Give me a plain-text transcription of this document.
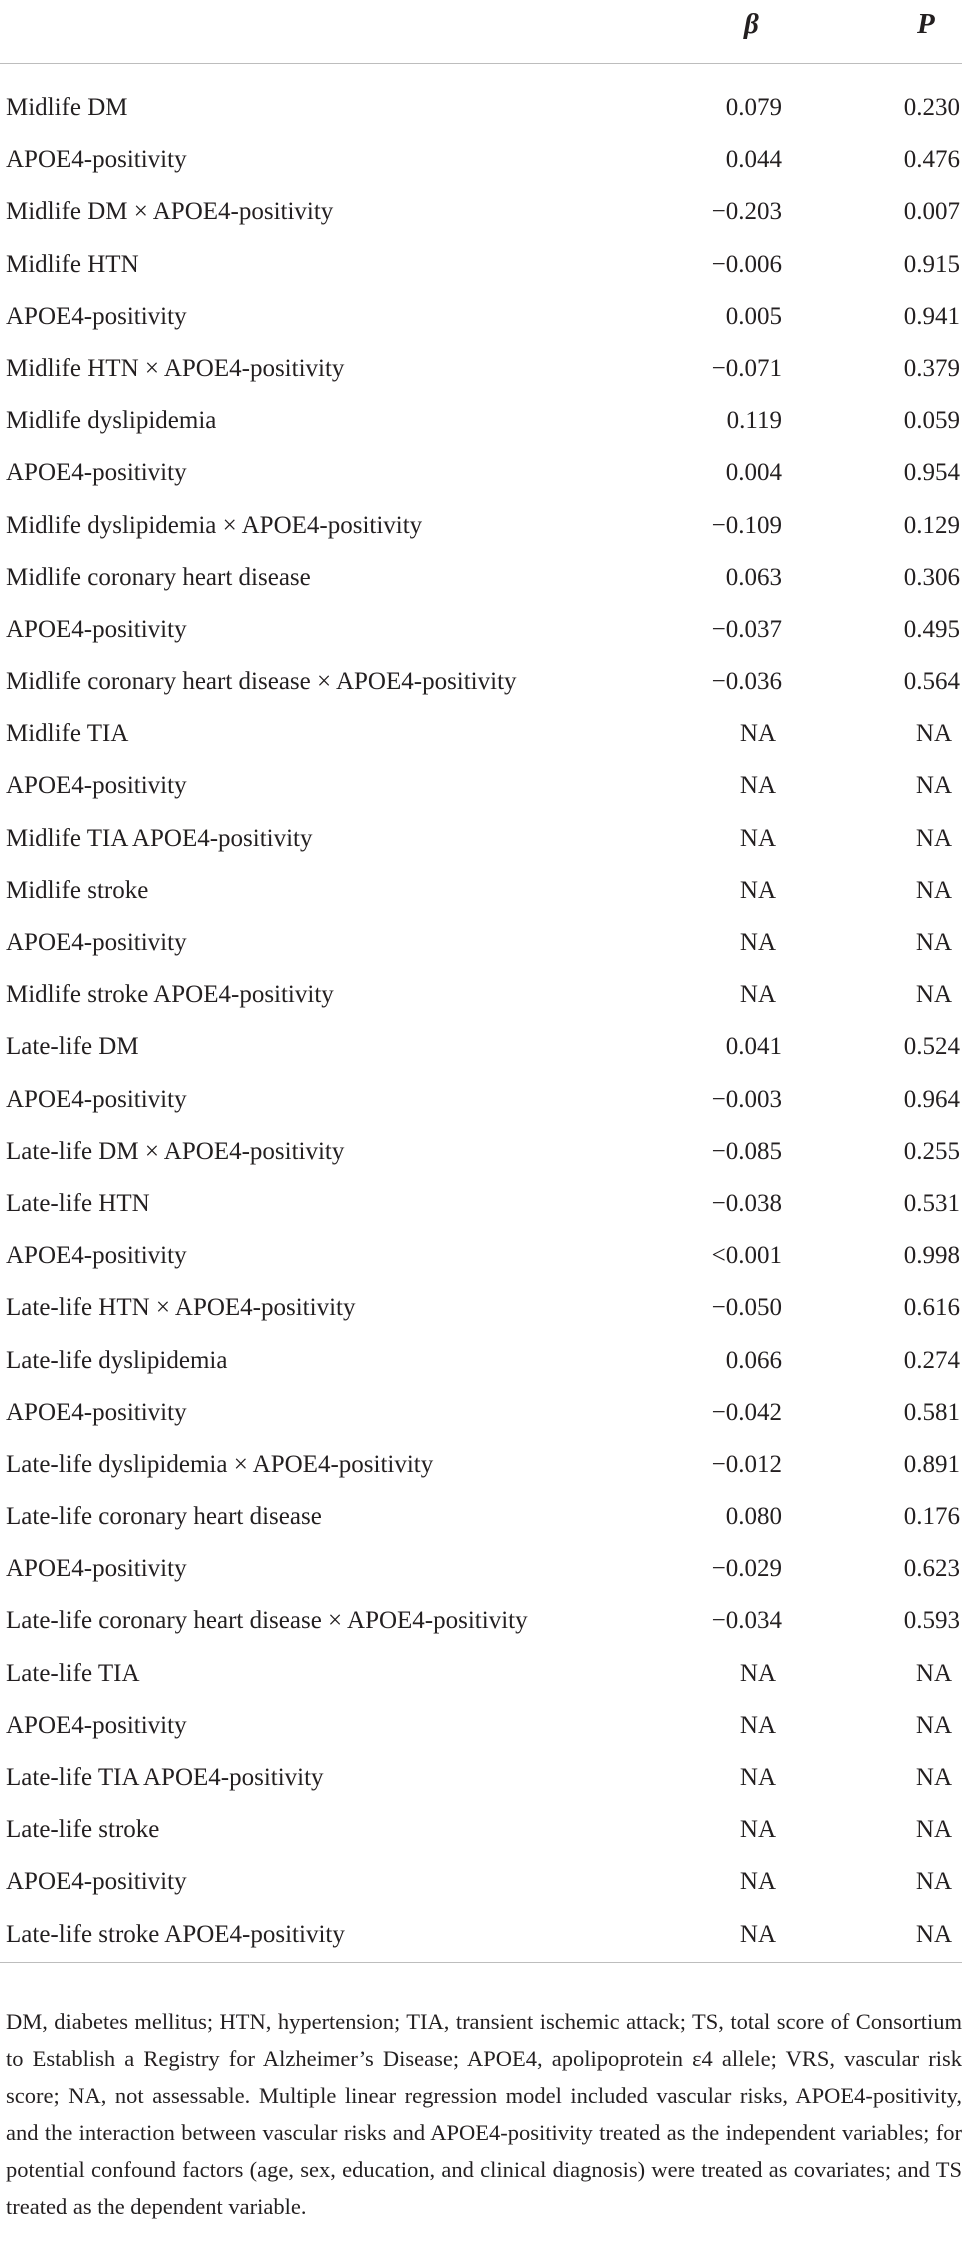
β	P
Midlife DM	0.079	0.230
APOE4-positivity	0.044	0.476
Midlife DM × APOE4-positivity	−0.203	0.007
Midlife HTN	−0.006	0.915
APOE4-positivity	0.005	0.941
Midlife HTN × APOE4-positivity	−0.071	0.379
Midlife dyslipidemia	0.119	0.059
APOE4-positivity	0.004	0.954
Midlife dyslipidemia × APOE4-positivity	−0.109	0.129
Midlife coronary heart disease	0.063	0.306
APOE4-positivity	−0.037	0.495
Midlife coronary heart disease × APOE4-positivity	−0.036	0.564
Midlife TIA	NA	NA
APOE4-positivity	NA	NA
Midlife TIA APOE4-positivity	NA	NA
Midlife stroke	NA	NA
APOE4-positivity	NA	NA
Midlife stroke APOE4-positivity	NA	NA
Late-life DM	0.041	0.524
APOE4-positivity	−0.003	0.964
Late-life DM × APOE4-positivity	−0.085	0.255
Late-life HTN	−0.038	0.531
APOE4-positivity	<0.001	0.998
Late-life HTN × APOE4-positivity	−0.050	0.616
Late-life dyslipidemia	0.066	0.274
APOE4-positivity	−0.042	0.581
Late-life dyslipidemia × APOE4-positivity	−0.012	0.891
Late-life coronary heart disease	0.080	0.176
APOE4-positivity	−0.029	0.623
Late-life coronary heart disease × APOE4-positivity	−0.034	0.593
Late-life TIA	NA	NA
APOE4-positivity	NA	NA
Late-life TIA APOE4-positivity	NA	NA
Late-life stroke	NA	NA
APOE4-positivity	NA	NA
Late-life stroke APOE4-positivity	NA	NA

DM, diabetes mellitus; HTN, hypertension; TIA, transient ischemic attack; TS, total score of Consortium to Establish a Registry for Alzheimer’s Disease; APOE4, apolipoprotein ε4 allele; VRS, vascular risk score; NA, not assessable. Multiple linear regression model included vascular risks, APOE4-positivity, and the interaction between vascular risks and APOE4-positivity treated as the independent variables; for potential confound factors (age, sex, education, and clinical diagnosis) were treated as covariates; and TS treated as the dependent variable.
